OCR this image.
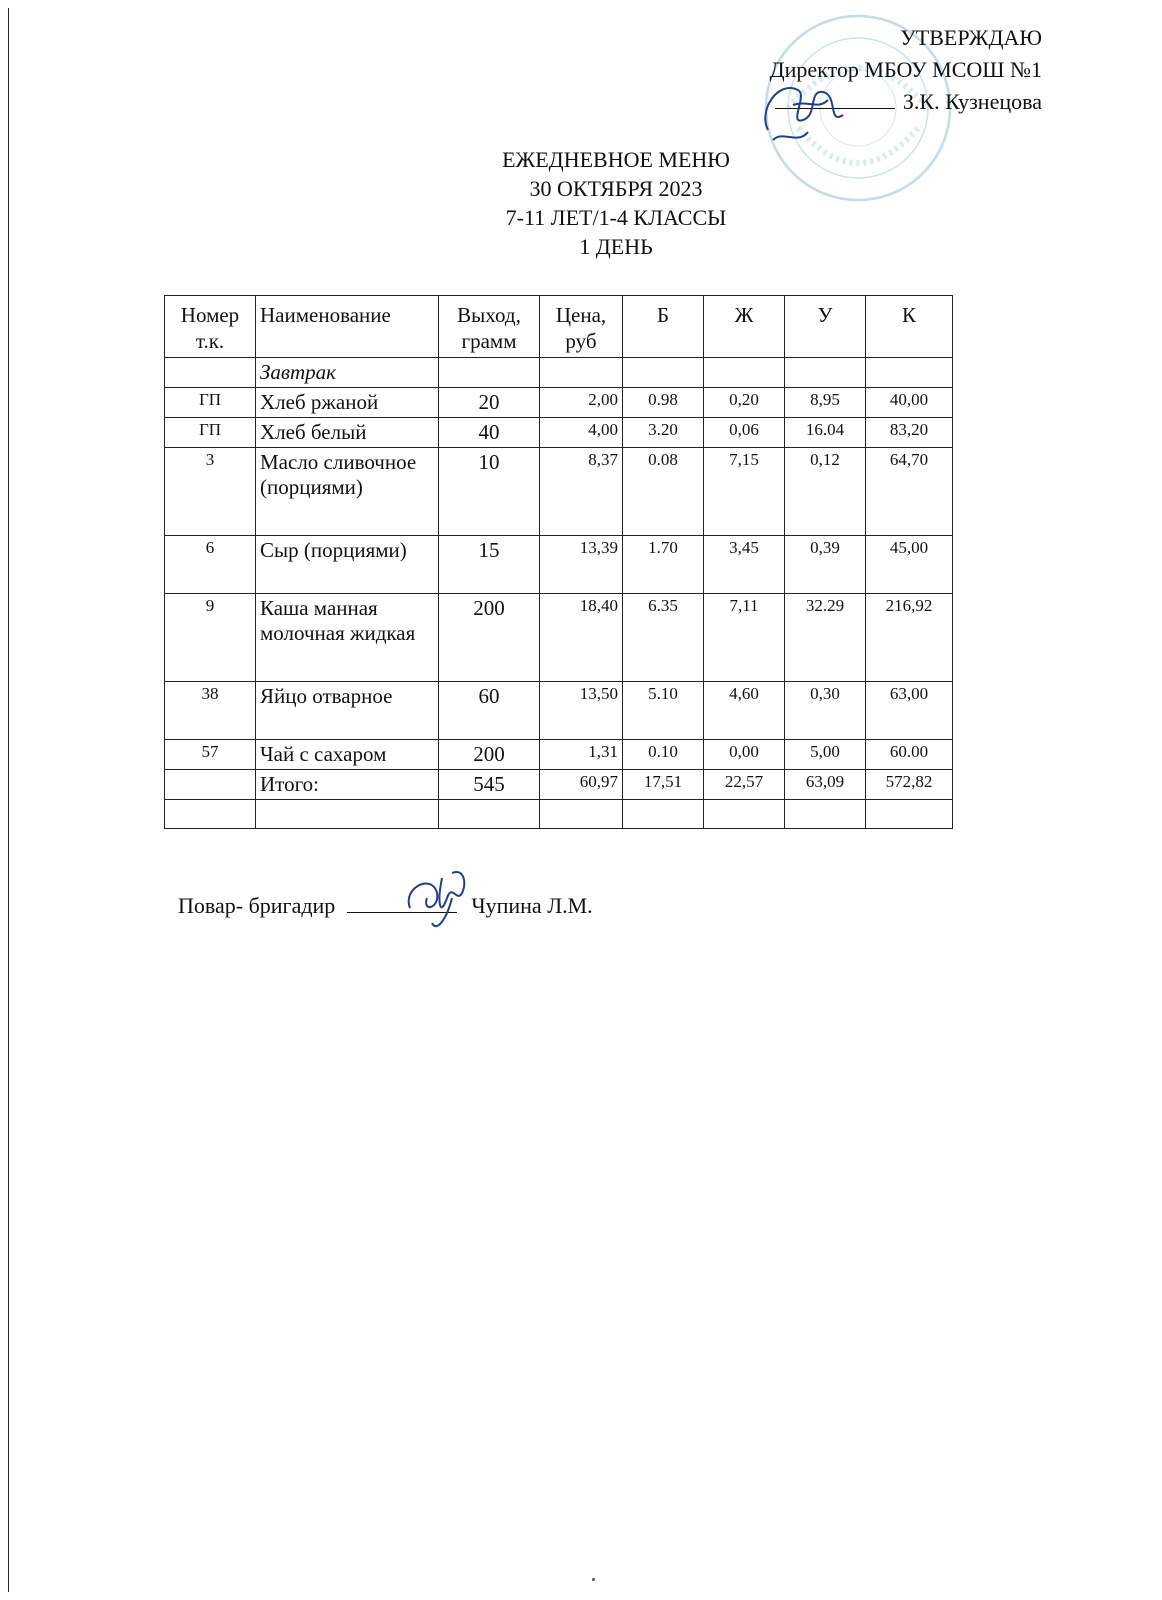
УТВЕРЖДАЮ
Директор МБОУ МСОШ №1
З.К. Кузнецова
ЕЖЕДНЕВНОЕ МЕНЮ
30 ОКТЯБРЯ 2023
7-11 ЛЕТ/1-4 КЛАССЫ
1 ДЕНЬ
Номер т.к.	Наименование	Выход, грамм	Цена, руб	Б	Ж	У	К
	Завтрак						
ГП	Хлеб ржаной	20	2,00	0.98	0,20	8,95	40,00
ГП	Хлеб белый	40	4,00	3.20	0,06	16.04	83,20
3	Масло сливочное (порциями)	10	8,37	0.08	7,15	0,12	64,70
6	Сыр (порциями)	15	13,39	1.70	3,45	0,39	45,00
9	Каша манная молочная жидкая	200	18,40	6.35	7,11	32.29	216,92
38	Яйцо отварное	60	13,50	5.10	4,60	0,30	63,00
57	Чай с сахаром	200	1,31	0.10	0,00	5,00	60.00
	Итого:	545	60,97	17,51	22,57	63,09	572,82

Повар- бригадир	Чупина Л.М.
